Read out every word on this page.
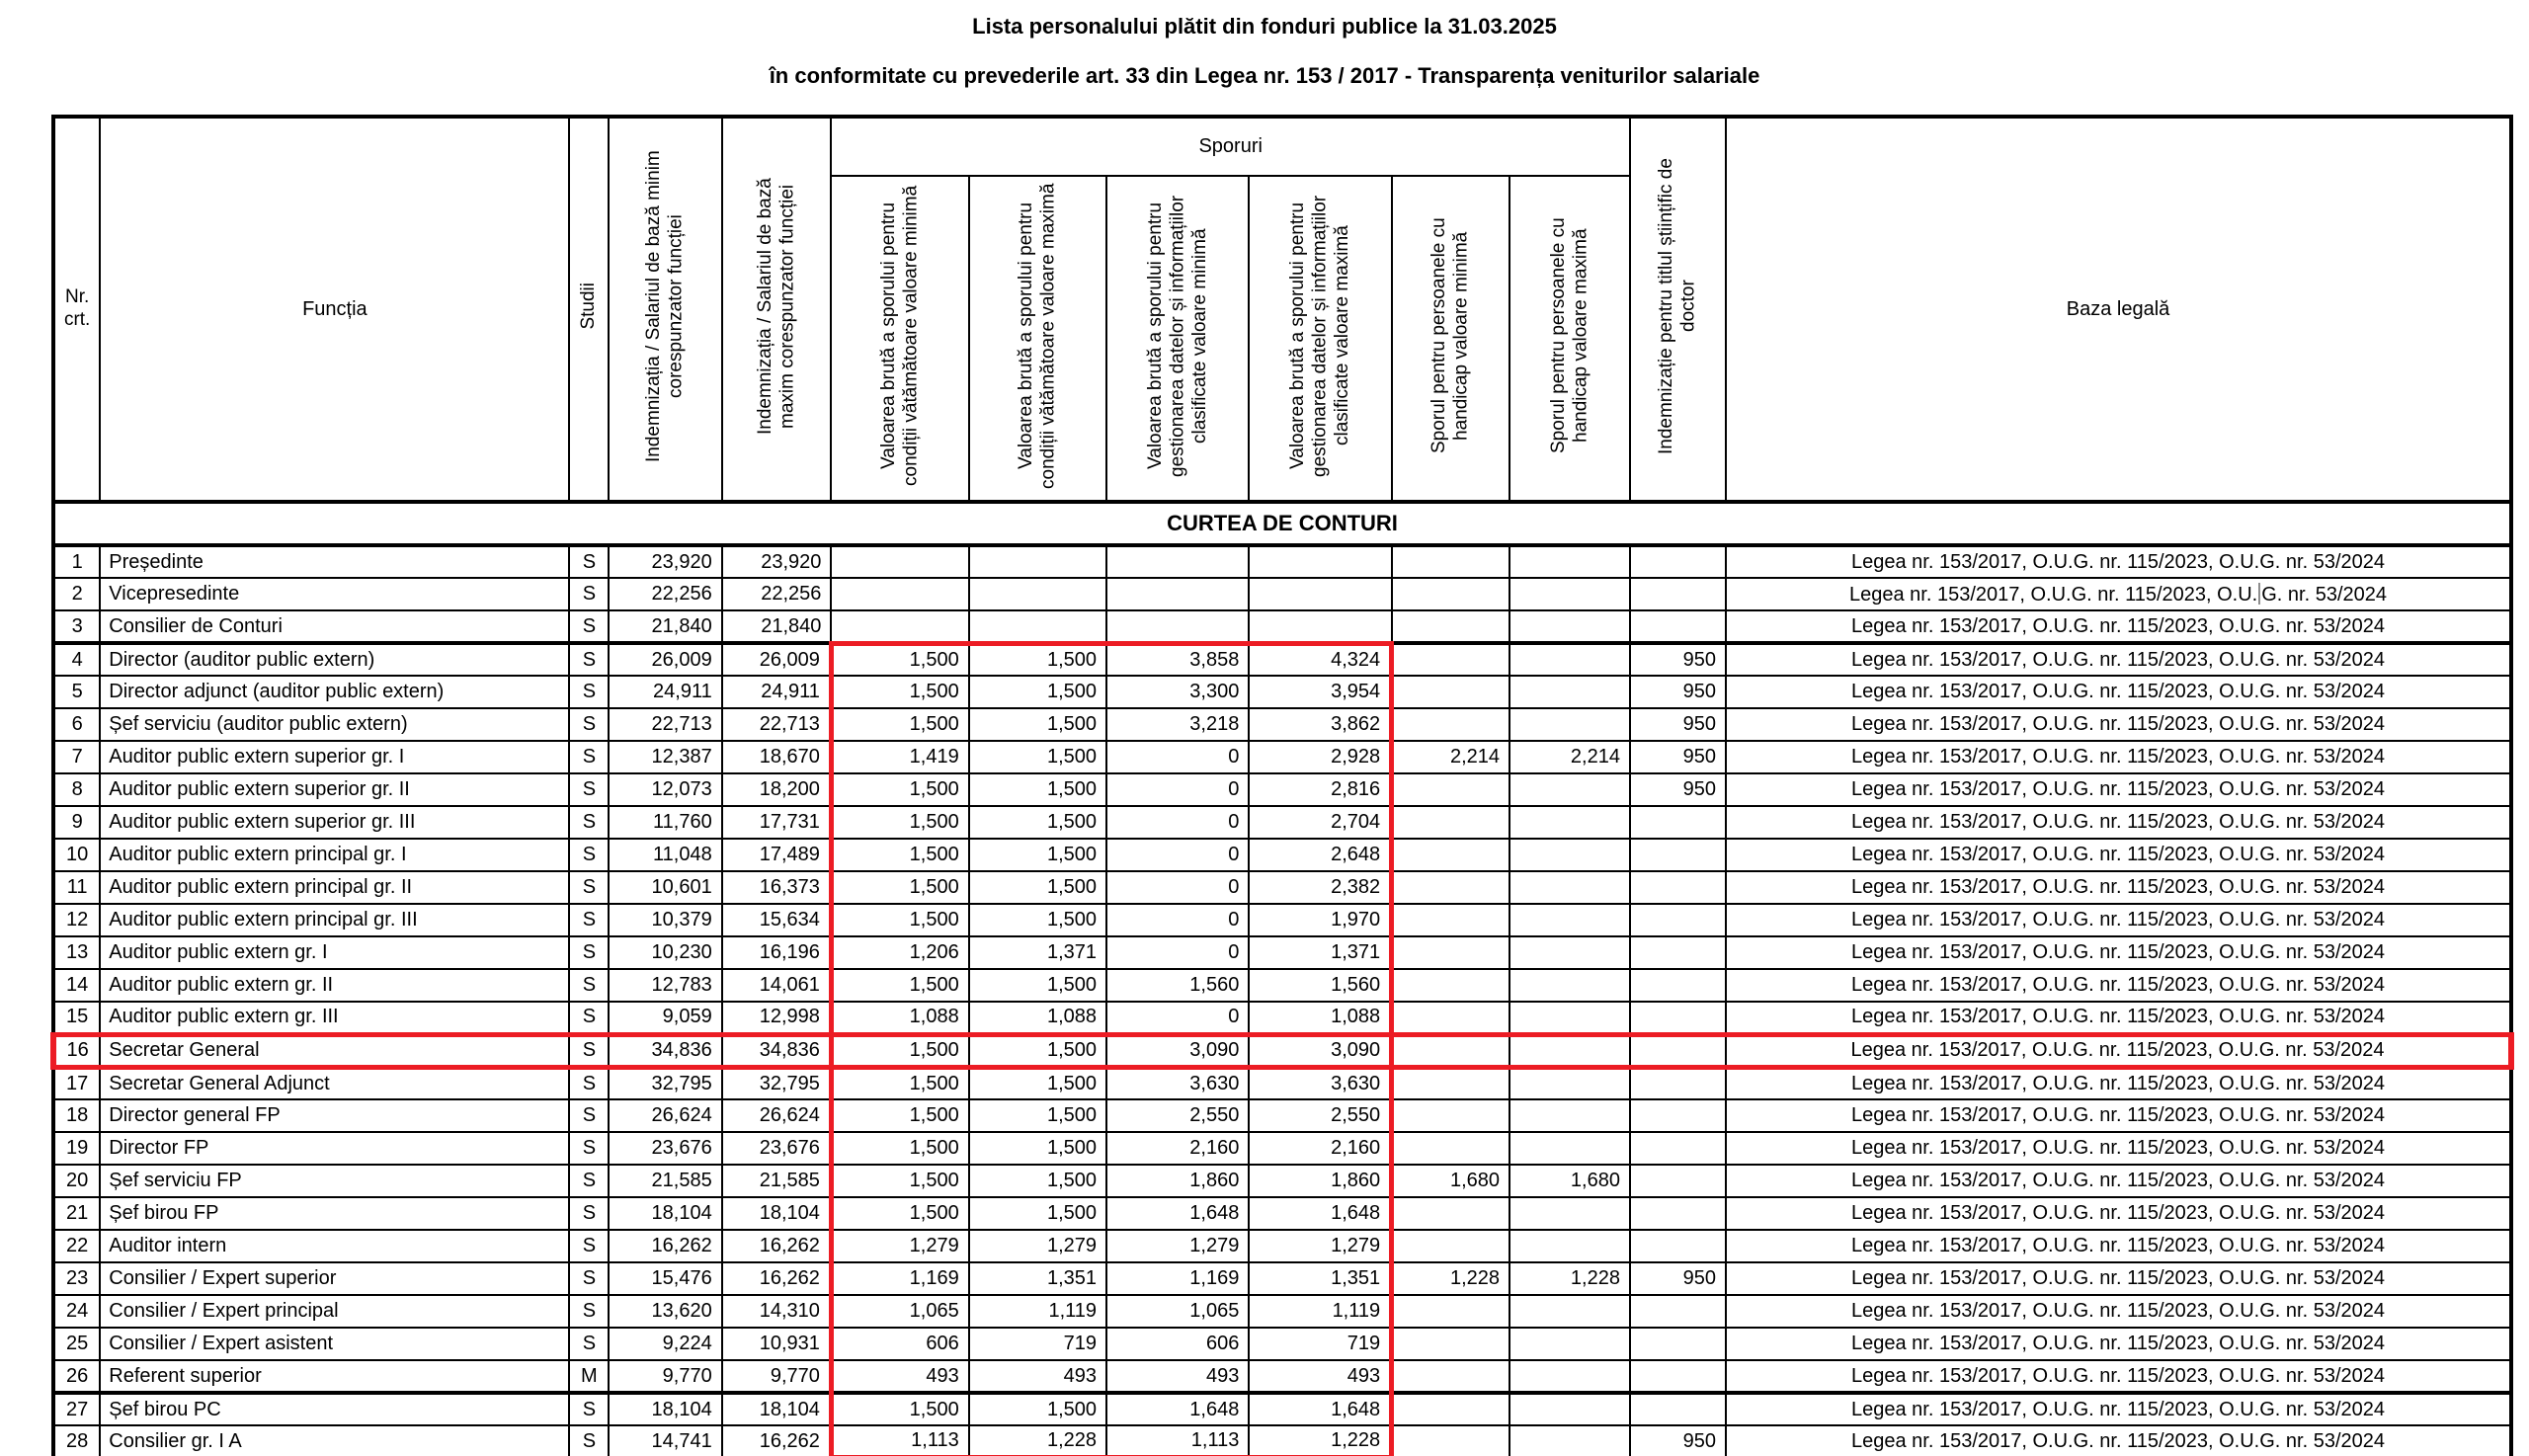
Lista personalului plătit din fonduri publice la 31.03.2025
în conformitate cu prevederile art. 33 din Legea nr. 153 / 2017 - Transparența veniturilor salariale
Nr. crt.	Funcția	Studii	Indemnizația / Salariul de bază minim corespunzator funcției	Indemnizația / Salariul de bază maxim corespunzator funcției	Sporuri						Indemnizație pentru titlul științific de doctor	Baza legală
					Valoarea brută a sporului pentru condiții vătămătoare valoare minimă	Valoarea brută a sporului pentru condiții vătămătoare valoare maximă	Valoarea brută a sporului pentru gestionarea datelor și informațiilor clasificate valoare minimă	Valoarea brută a sporului pentru gestionarea datelor și informațiilor clasificate valoare maximă	Sporul pentru persoanele cu handicap valoare minimă	Sporul pentru persoanele cu handicap valoare maximă		
CURTEA DE CONTURI												
1	Președinte	S	23,920	23,920								Legea nr. 153/2017, O.U.G. nr. 115/2023, O.U.G. nr. 53/2024
2	Vicepresedinte	S	22,256	22,256								Legea nr. 153/2017, O.U.G. nr. 115/2023, O.U. G. nr. 53/2024
3	Consilier de Conturi	S	21,840	21,840								Legea nr. 153/2017, O.U.G. nr. 115/2023, O.U.G. nr. 53/2024
4	Director (auditor public extern)	S	26,009	26,009	1,500	1,500	3,858	4,324			950	Legea nr. 153/2017, O.U.G. nr. 115/2023, O.U.G. nr. 53/2024
5	Director adjunct (auditor public extern)	S	24,911	24,911	1,500	1,500	3,300	3,954			950	Legea nr. 153/2017, O.U.G. nr. 115/2023, O.U.G. nr. 53/2024
6	Șef serviciu (auditor public extern)	S	22,713	22,713	1,500	1,500	3,218	3,862			950	Legea nr. 153/2017, O.U.G. nr. 115/2023, O.U.G. nr. 53/2024
7	Auditor public extern superior gr. I	S	12,387	18,670	1,419	1,500	0	2,928	2,214	2,214	950	Legea nr. 153/2017, O.U.G. nr. 115/2023, O.U.G. nr. 53/2024
8	Auditor public extern superior gr. II	S	12,073	18,200	1,500	1,500	0	2,816			950	Legea nr. 153/2017, O.U.G. nr. 115/2023, O.U.G. nr. 53/2024
9	Auditor public extern superior gr. III	S	11,760	17,731	1,500	1,500	0	2,704				Legea nr. 153/2017, O.U.G. nr. 115/2023, O.U.G. nr. 53/2024
10	Auditor public extern principal gr. I	S	11,048	17,489	1,500	1,500	0	2,648				Legea nr. 153/2017, O.U.G. nr. 115/2023, O.U.G. nr. 53/2024
11	Auditor public extern principal gr. II	S	10,601	16,373	1,500	1,500	0	2,382				Legea nr. 153/2017, O.U.G. nr. 115/2023, O.U.G. nr. 53/2024
12	Auditor public extern principal gr. III	S	10,379	15,634	1,500	1,500	0	1,970				Legea nr. 153/2017, O.U.G. nr. 115/2023, O.U.G. nr. 53/2024
13	Auditor public extern gr. I	S	10,230	16,196	1,206	1,371	0	1,371				Legea nr. 153/2017, O.U.G. nr. 115/2023, O.U.G. nr. 53/2024
14	Auditor public extern gr. II	S	12,783	14,061	1,500	1,500	1,560	1,560				Legea nr. 153/2017, O.U.G. nr. 115/2023, O.U.G. nr. 53/2024
15	Auditor public extern gr. III	S	9,059	12,998	1,088	1,088	0	1,088				Legea nr. 153/2017, O.U.G. nr. 115/2023, O.U.G. nr. 53/2024
16	Secretar General	S	34,836	34,836	1,500	1,500	3,090	3,090				Legea nr. 153/2017, O.U.G. nr. 115/2023, O.U.G. nr. 53/2024
17	Secretar General Adjunct	S	32,795	32,795	1,500	1,500	3,630	3,630				Legea nr. 153/2017, O.U.G. nr. 115/2023, O.U.G. nr. 53/2024
18	Director general FP	S	26,624	26,624	1,500	1,500	2,550	2,550				Legea nr. 153/2017, O.U.G. nr. 115/2023, O.U.G. nr. 53/2024
19	Director FP	S	23,676	23,676	1,500	1,500	2,160	2,160				Legea nr. 153/2017, O.U.G. nr. 115/2023, O.U.G. nr. 53/2024
20	Șef serviciu FP	S	21,585	21,585	1,500	1,500	1,860	1,860	1,680	1,680		Legea nr. 153/2017, O.U.G. nr. 115/2023, O.U.G. nr. 53/2024
21	Șef birou FP	S	18,104	18,104	1,500	1,500	1,648	1,648				Legea nr. 153/2017, O.U.G. nr. 115/2023, O.U.G. nr. 53/2024
22	Auditor intern	S	16,262	16,262	1,279	1,279	1,279	1,279				Legea nr. 153/2017, O.U.G. nr. 115/2023, O.U.G. nr. 53/2024
23	Consilier / Expert superior	S	15,476	16,262	1,169	1,351	1,169	1,351	1,228	1,228	950	Legea nr. 153/2017, O.U.G. nr. 115/2023, O.U.G. nr. 53/2024
24	Consilier / Expert principal	S	13,620	14,310	1,065	1,119	1,065	1,119				Legea nr. 153/2017, O.U.G. nr. 115/2023, O.U.G. nr. 53/2024
25	Consilier / Expert asistent	S	9,224	10,931	606	719	606	719				Legea nr. 153/2017, O.U.G. nr. 115/2023, O.U.G. nr. 53/2024
26	Referent superior	M	9,770	9,770	493	493	493	493				Legea nr. 153/2017, O.U.G. nr. 115/2023, O.U.G. nr. 53/2024
27	Șef birou PC	S	18,104	18,104	1,500	1,500	1,648	1,648				Legea nr. 153/2017, O.U.G. nr. 115/2023, O.U.G. nr. 53/2024
28	Consilier gr. I A	S	14,741	16,262	1,113	1,228	1,113	1,228			950	Legea nr. 153/2017, O.U.G. nr. 115/2023, O.U.G. nr. 53/2024
